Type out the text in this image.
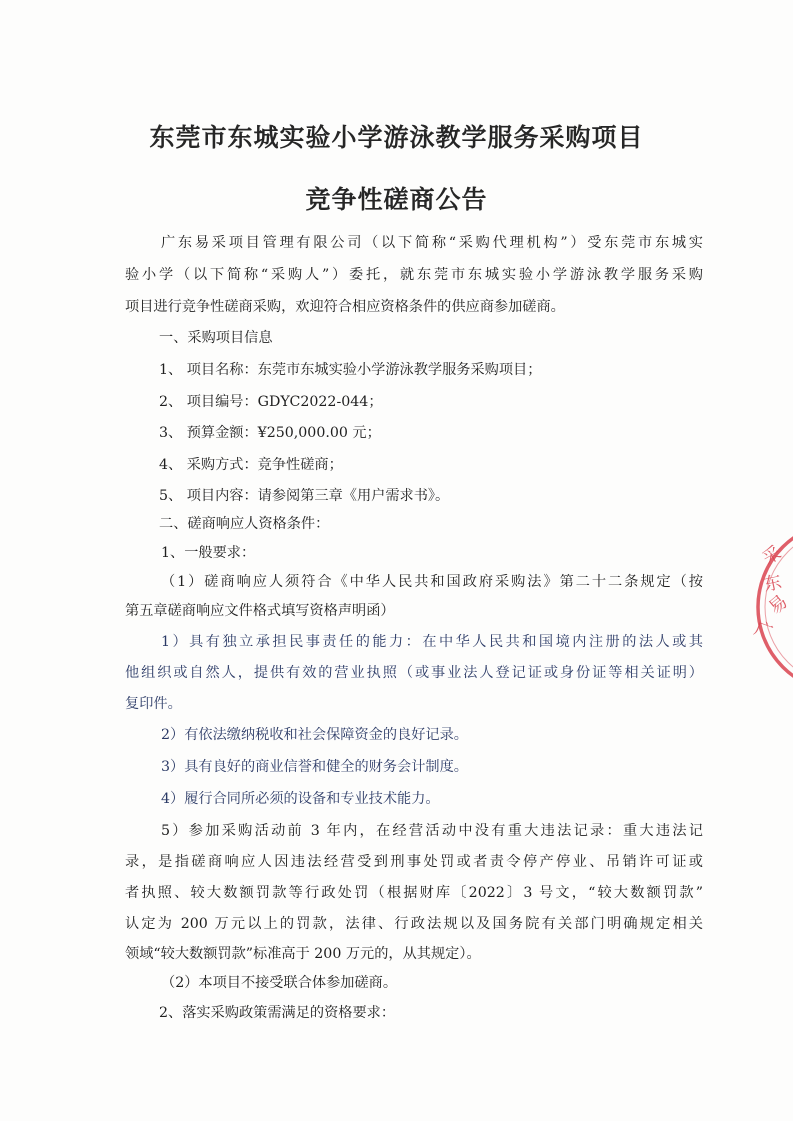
东莞市东城实验小学游泳教学服务采购项目
竞争性磋商公告
广东易采项目管理有限公司（以下简称“采购代理机构”）受东莞市东城实
验小学（以下简称“采购人”）委托，就东莞市东城实验小学游泳教学服务采购
项目进行竞争性磋商采购，欢迎符合相应资格条件的供应商参加磋商。
一、采购项目信息
1、 项目名称：东莞市东城实验小学游泳教学服务采购项目；
2、 项目编号：GDYC2022-044；
3、 预算金额：¥250,000.00 元；
4、 采购方式：竞争性磋商；
5、 项目内容：请参阅第三章《用户需求书》。
二、磋商响应人资格条件：
1、一般要求：
（1）磋商响应人须符合《中华人民共和国政府采购法》第二十二条规定（按
第五章磋商响应文件格式填写资格声明函）
1）具有独立承担民事责任的能力：在中华人民共和国境内注册的法人或其
他组织或自然人，提供有效的营业执照（或事业法人登记证或身份证等相关证明）
复印件。
2）有依法缴纳税收和社会保障资金的良好记录。
3）具有良好的商业信誉和健全的财务会计制度。
4）履行合同所必须的设备和专业技术能力。
5）参加采购活动前 3 年内，在经营活动中没有重大违法记录：重大违法记
录，是指磋商响应人因违法经营受到刑事处罚或者责令停产停业、吊销许可证或
者执照、较大数额罚款等行政处罚（根据财库〔2022〕3 号文，“较大数额罚款”
认定为 200 万元以上的罚款，法律、行政法规以及国务院有关部门明确规定相关
领域“较大数额罚款”标准高于 200 万元的，从其规定）。
（2）本项目不接受联合体参加磋商。
2、落实采购政策需满足的资格要求：
东
易
广
采
